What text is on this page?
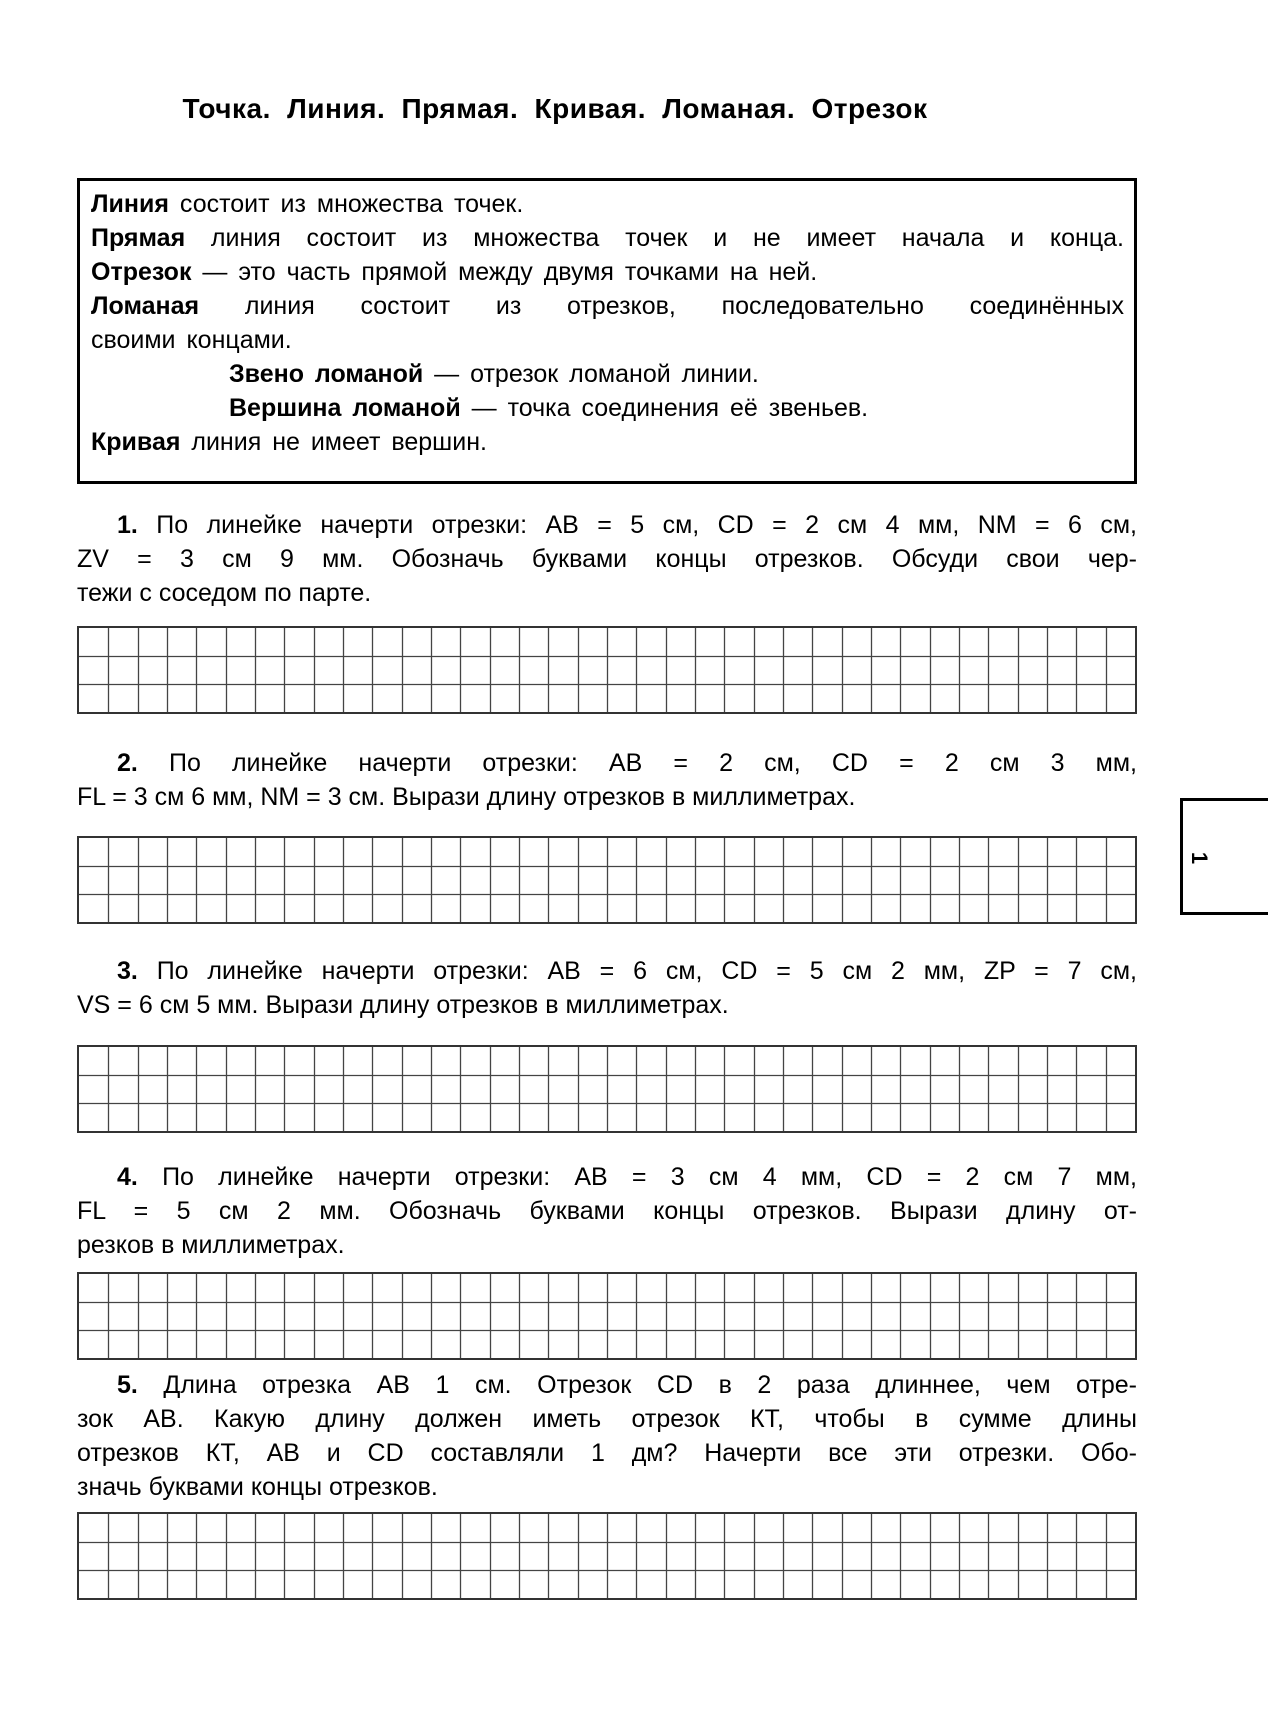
Точка. Линия. Прямая. Кривая. Ломаная. Отрезок
Линия состоит из множества точек.
Прямая линия состоит из множества точек и не имеет начала и конца.
Отрезок — это часть прямой между двумя точками на ней.
Ломаная линия состоит из отрезков, последовательно соединённых
своими концами.
Звено ломаной — отрезок ломаной линии.
Вершина ломаной — точка соединения её звеньев.
Кривая линия не имеет вершин.
1. По линейке начерти отрезки: АВ = 5 см, CD = 2 см 4 мм, NM = 6 см,
ZV = 3 см 9 мм. Обозначь буквами концы отрезков. Обсуди свои чер-
тежи с соседом по парте.
2. По линейке начерти отрезки: АВ = 2 см, CD = 2 см 3 мм,
FL = 3 см 6 мм, NM = 3 см. Вырази длину отрезков в миллиметрах.
3. По линейке начерти отрезки: АВ = 6 см, CD = 5 см 2 мм, ZP = 7 см,
VS = 6 см 5 мм. Вырази длину отрезков в миллиметрах.
4. По линейке начерти отрезки: АВ = 3 см 4 мм, CD = 2 см 7 мм,
FL = 5 см 2 мм. Обозначь буквами концы отрезков. Вырази длину от-
резков в миллиметрах.
5. Длина отрезка АВ 1 см. Отрезок CD в 2 раза длиннее, чем отре-
зок АВ. Какую длину должен иметь отрезок КТ, чтобы в сумме длины
отрезков КТ, АВ и CD составляли 1 дм? Начерти все эти отрезки. Обо-
значь буквами концы отрезков.
1
